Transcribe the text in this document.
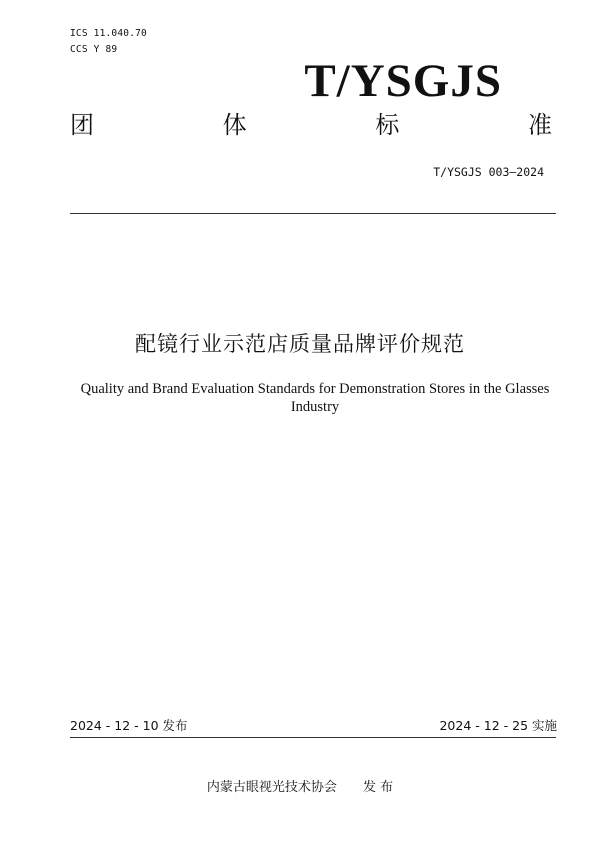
ICS 11.040.70
CCS Y 89
T/YSGJS
团	体	标	准
T/YSGJS 003—2024
配镜行业示范店质量品牌评价规范
Quality and Brand Evaluation Standards for Demonstration Stores in the Glasses
Industry
2024 - 12 - 10 发布	2024 - 12 - 25 实施
内蒙古眼视光技术协会 发 布
